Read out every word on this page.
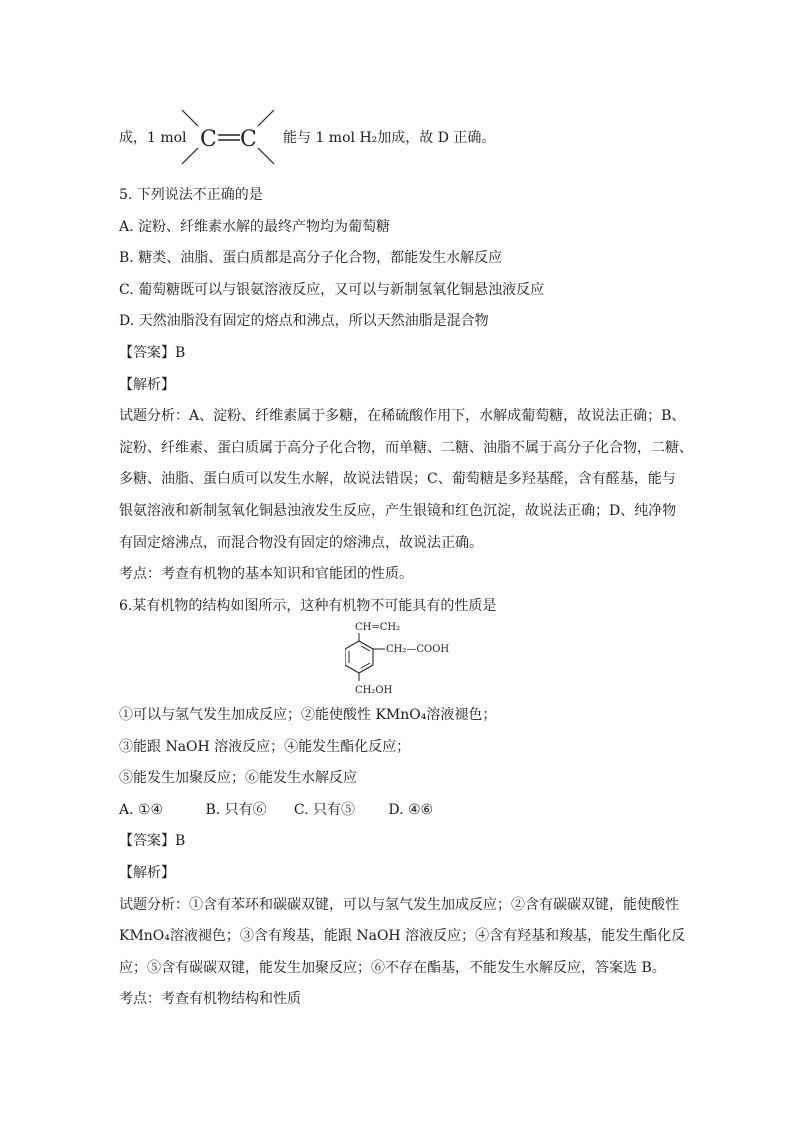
成，1 mol C C 能与 1 mol H₂加成，故 D 正确。

5. 下列说法不正确的是

A. 淀粉、纤维素水解的最终产物均为葡萄糖

B. 糖类、油脂、蛋白质都是高分子化合物，都能发生水解反应

C. 葡萄糖既可以与银氨溶液反应，又可以与新制氢氧化铜悬浊液反应

D. 天然油脂没有固定的熔点和沸点，所以天然油脂是混合物

【答案】B

【解析】

试题分析：A、淀粉、纤维素属于多糖，在稀硫酸作用下，水解成葡萄糖，故说法正确；B、

淀粉、纤维素、蛋白质属于高分子化合物，而单糖、二糖、油脂不属于高分子化合物，二糖、

多糖、油脂、蛋白质可以发生水解，故说法错误；C、葡萄糖是多羟基醛，含有醛基，能与

银氨溶液和新制氢氧化铜悬浊液发生反应，产生银镜和红色沉淀，故说法正确；D、纯净物

有固定熔沸点，而混合物没有固定的熔沸点，故说法正确。

考点：考查有机物的基本知识和官能团的性质。

6.某有机物的结构如图所示，这种有机物不可能具有的性质是

CH=CH₂
CH₂—COOH
CH₂OH

①可以与氢气发生加成反应；②能使酸性 KMnO₄溶液褪色；

③能跟 NaOH 溶液反应；④能发生酯化反应；

⑤能发生加聚反应；⑥能发生水解反应

A. ①④	B. 只有⑥ C. 只有⑤ D. ④⑥

【答案】B

【解析】

试题分析：①含有苯环和碳碳双键，可以与氢气发生加成反应；②含有碳碳双键，能使酸性

KMnO₄溶液褪色；③含有羧基，能跟 NaOH 溶液反应；④含有羟基和羧基，能发生酯化反

应；⑤含有碳碳双键，能发生加聚反应；⑥不存在酯基，不能发生水解反应，答案选 B。

考点：考查有机物结构和性质
